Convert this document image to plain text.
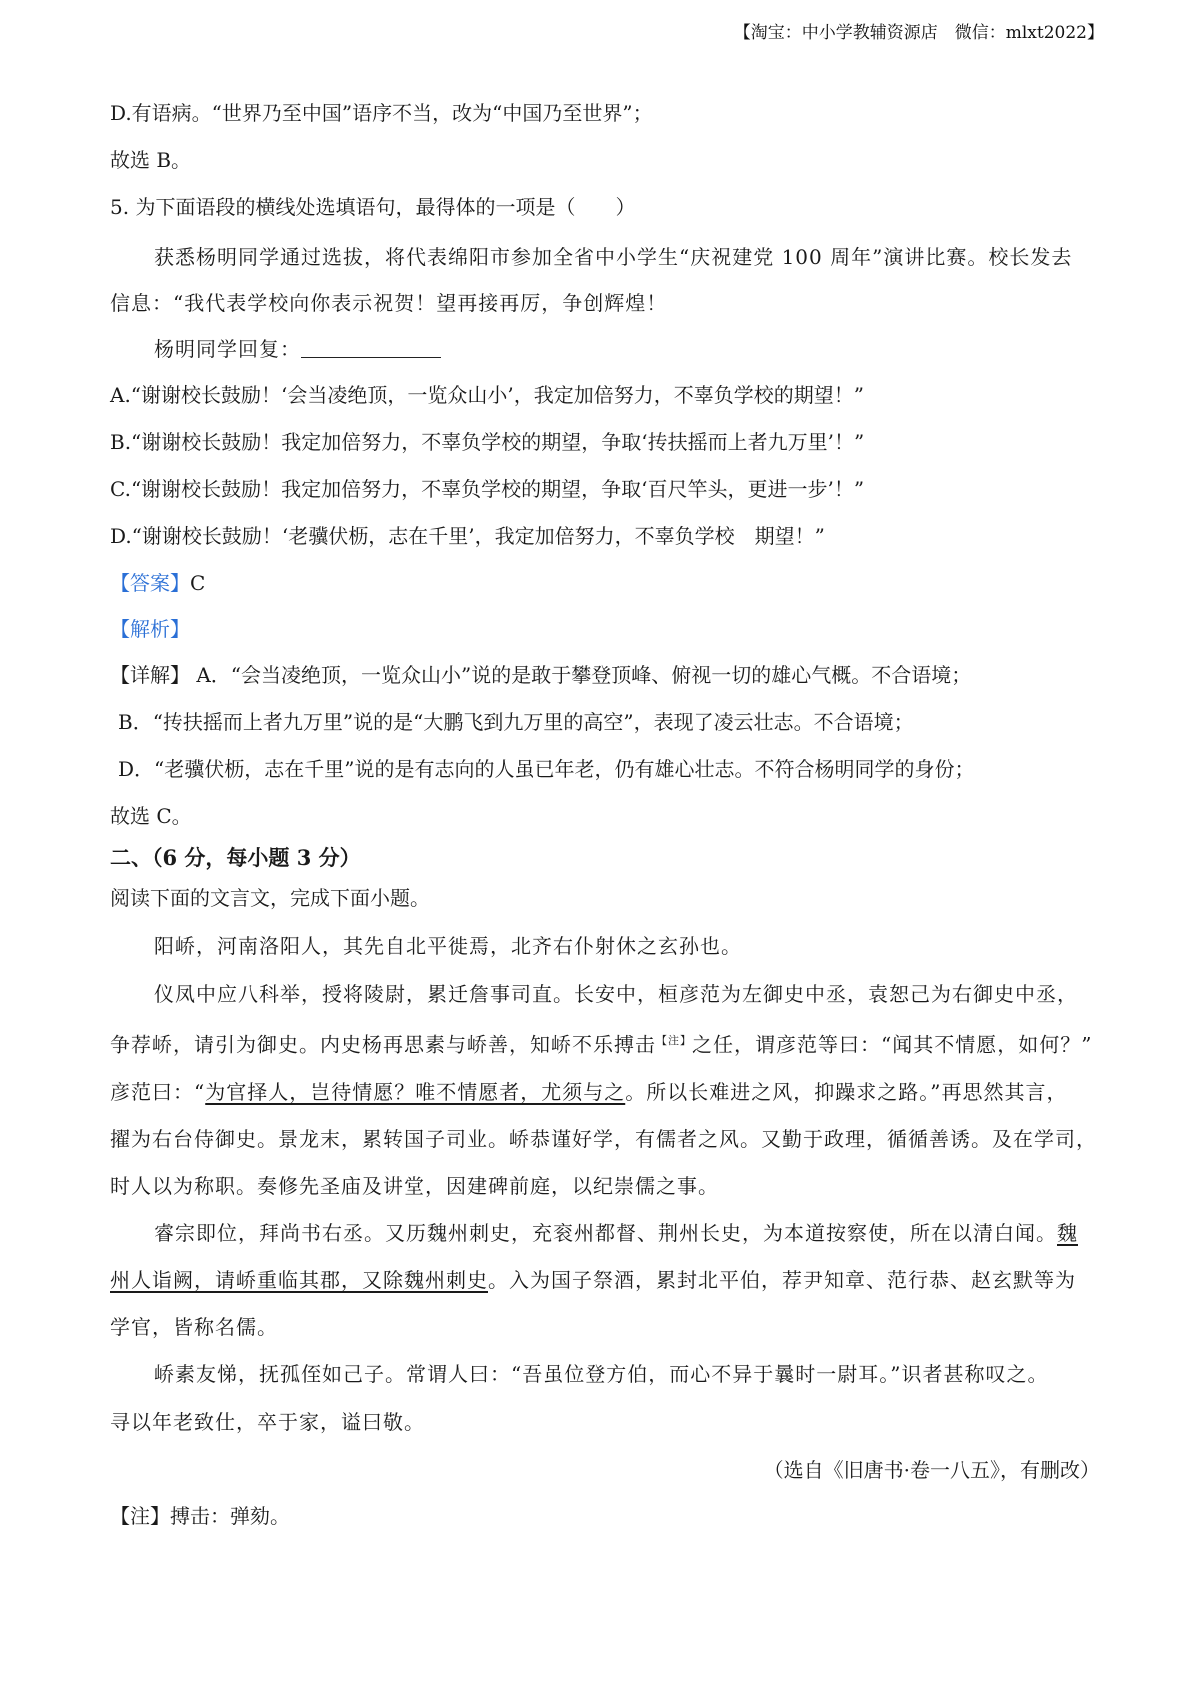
【淘宝：中小学教辅资源店　微信：mlxt2022】

D.有语病。“世界乃至中国”语序不当，改为“中国乃至世界”；

故选 B。

5. 为下面语段的横线处选填语句，最得体的一项是（　　）

获悉杨明同学通过选拔，将代表绵阳市参加全省中小学生“庆祝建党 100 周年”演讲比赛。校长发去

信息：“我代表学校向你表示祝贺！望再接再厉，争创辉煌！

杨明同学回复：

A.“谢谢校长鼓励！‘会当凌绝顶，一览众山小’，我定加倍努力，不辜负学校的期望！”

B.“谢谢校长鼓励！我定加倍努力，不辜负学校的期望，争取‘抟扶摇而上者九万里’！”

C.“谢谢校长鼓励！我定加倍努力，不辜负学校的期望，争取‘百尺竿头，更进一步’！”

D.“谢谢校长鼓励！‘老骥伏枥，志在千里’，我定加倍努力，不辜负学校　期望！”

【答案】C

【解析】

【详解】 A．“会当凌绝顶，一览众山小”说的是敢于攀登顶峰、俯视一切的雄心气概。不合语境；

B．“抟扶摇而上者九万里”说的是“大鹏飞到九万里的高空”，表现了凌云壮志。不合语境；

D．“老骥伏枥，志在千里”说的是有志向的人虽已年老，仍有雄心壮志。不符合杨明同学的身份；

故选 C。

二、（6 分，每小题 3 分）

阅读下面的文言文，完成下面小题。

阳峤，河南洛阳人，其先自北平徙焉，北齐右仆射休之玄孙也。

仪凤中应八科举，授将陵尉，累迁詹事司直。长安中，桓彦范为左御史中丞，袁恕己为右御史中丞，

争荐峤，请引为御史。内史杨再思素与峤善，知峤不乐搏击$^{【注】}$之任，谓彦范等曰：“闻其不情愿，如何？”

彦范曰：“为官择人，岂待情愿？唯不情愿者，尤须与之。所以长难进之风，抑躁求之路。”再思然其言，

擢为右台侍御史。景龙末，累转国子司业。峤恭谨好学，有儒者之风。又勤于政理，循循善诱。及在学司，

时人以为称职。奏修先圣庙及讲堂，因建碑前庭，以纪崇儒之事。

睿宗即位，拜尚书右丞。又历魏州刺史，充衮州都督、荆州长史，为本道按察使，所在以清白闻。魏

州人诣阙，请峤重临其郡，又除魏州刺史。入为国子祭酒，累封北平伯，荐尹知章、范行恭、赵玄默等为

学官，皆称名儒。

峤素友悌，抚孤侄如己子。常谓人曰：“吾虽位登方伯，而心不异于曩时一尉耳。”识者甚称叹之。

寻以年老致仕，卒于家，谥曰敬。

（选自《旧唐书·卷一八五》，有删改）

【注】搏击：弹劾。
